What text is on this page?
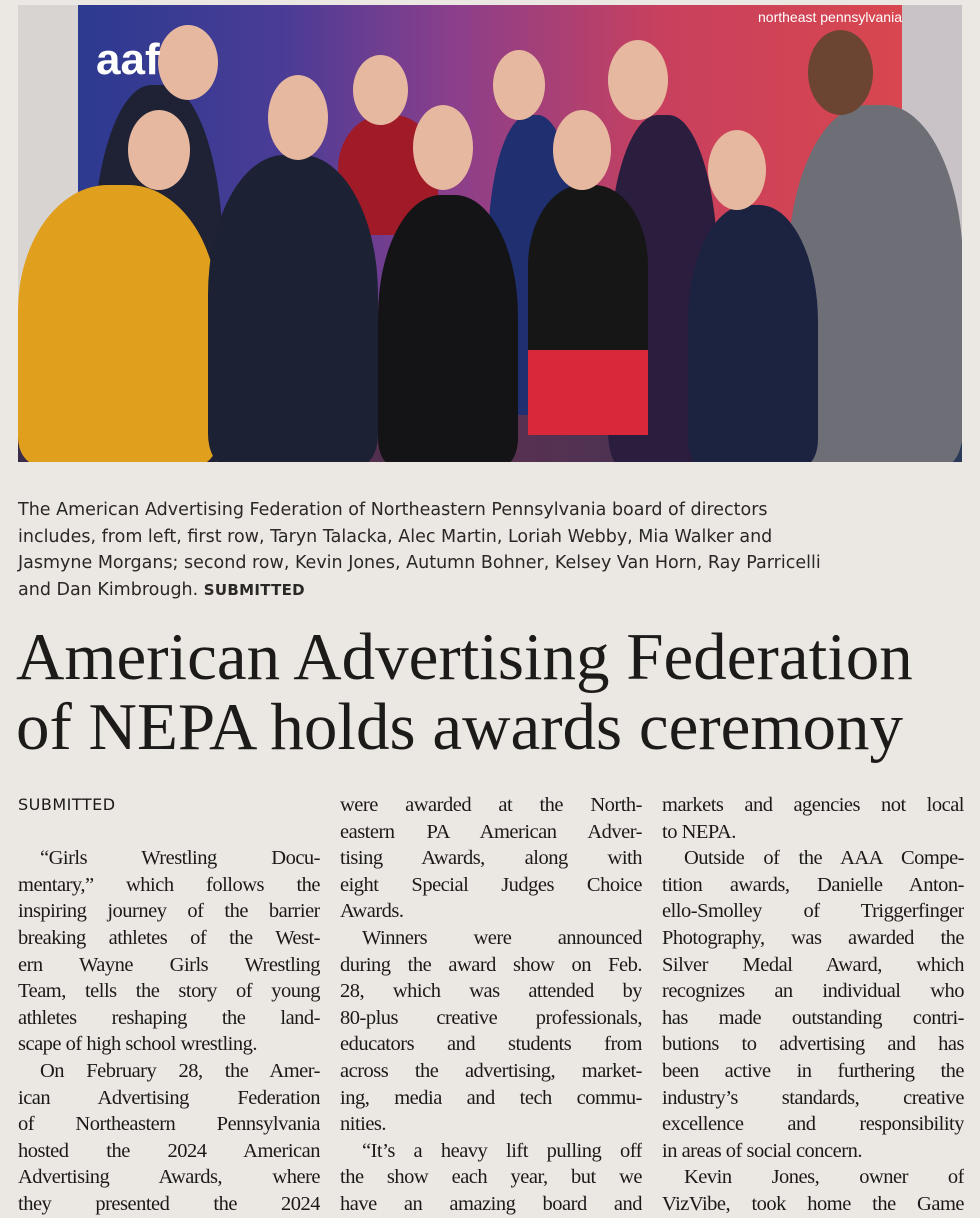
aaf
northeast pennsylvania
The American Advertising Federation of Northeastern Pennsylvania board of directors
includes, from left, first row, Taryn Talacka, Alec Martin, Loriah Webby, Mia Walker and
Jasmyne Morgans; second row, Kevin Jones, Autumn Bohner, Kelsey Van Horn, Ray Parricelli
and Dan Kimbrough. SUBMITTED
American Advertising Federation
of NEPA holds awards ceremony
SUBMITTED

“Girls Wrestling Docu-
mentary,” which follows the
inspiring journey of the barrier
breaking athletes of the West-
ern Wayne Girls Wrestling
Team, tells the story of young
athletes reshaping the land-
scape of high school wrestling.
On February 28, the Amer-
ican Advertising Federation
of Northeastern Pennsylvania
hosted the 2024 American
Advertising Awards, where
they presented the 2024
were awarded at the North-
eastern PA American Adver-
tising Awards, along with
eight Special Judges Choice
Awards.
Winners were announced
during the award show on Feb.
28, which was attended by
80-plus creative professionals,
educators and students from
across the advertising, market-
ing, media and tech commu-
nities.
“It’s a heavy lift pulling off
the show each year, but we
have an amazing board and
markets and agencies not local
to NEPA.
Outside of the AAA Compe-
tition awards, Danielle Anton-
ello-Smolley of Triggerfinger
Photography, was awarded the
Silver Medal Award, which
recognizes an individual who
has made outstanding contri-
butions to advertising and has
been active in furthering the
industry’s standards, creative
excellence and responsibility
in areas of social concern.
Kevin Jones, owner of
VizVibe, took home the Game
